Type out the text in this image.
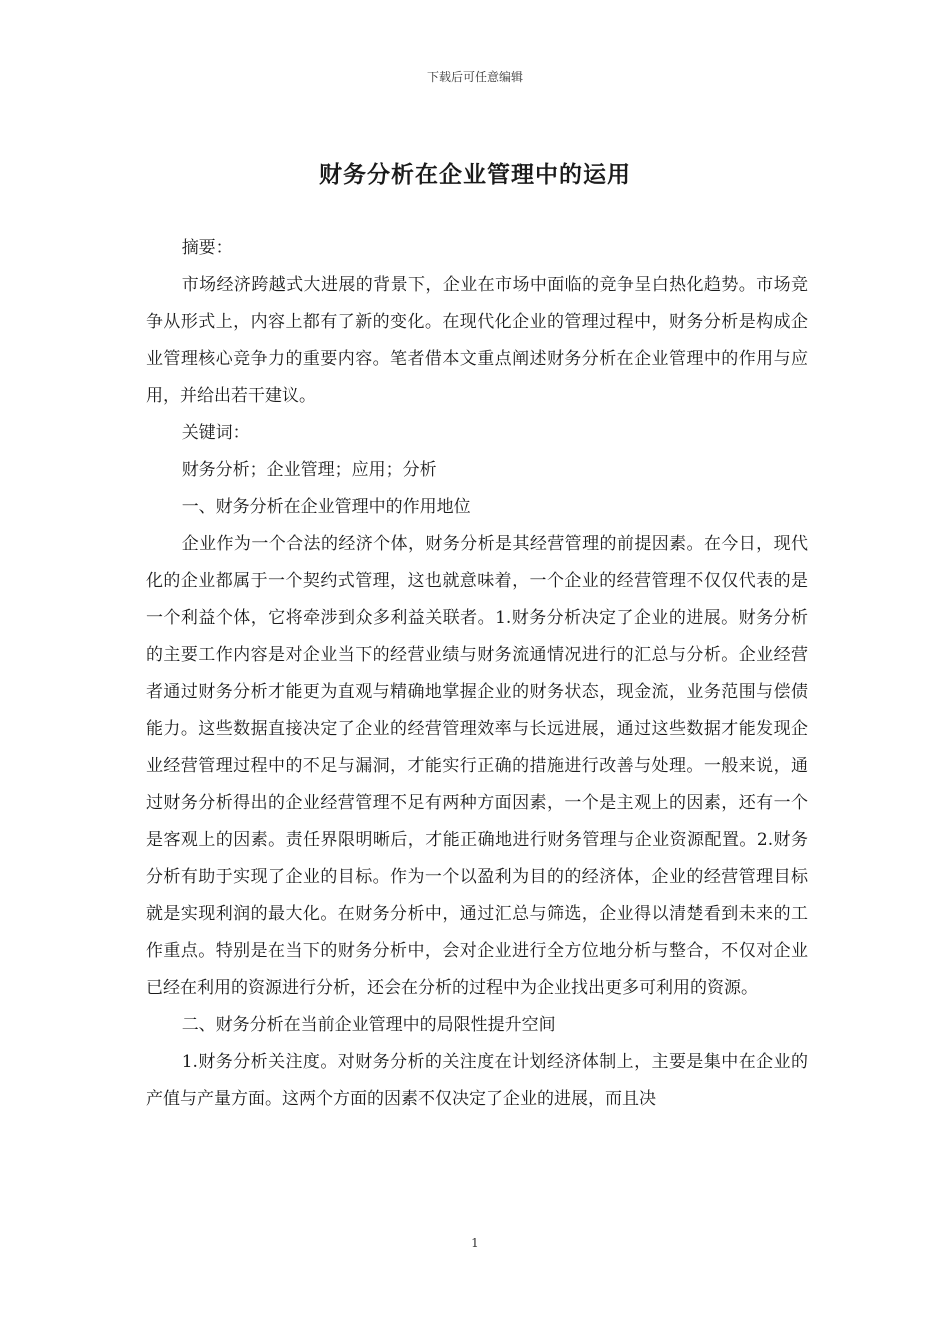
下载后可任意编辑
财务分析在企业管理中的运用

摘要：

市场经济跨越式大进展的背景下，企业在市场中面临的竞争呈白热化趋势。市场竞争从形式上，内容上都有了新的变化。在现代化企业的管理过程中，财务分析是构成企业管理核心竞争力的重要内容。笔者借本文重点阐述财务分析在企业管理中的作用与应用，并给出若干建议。

关键词：

财务分析；企业管理；应用；分析

一、财务分析在企业管理中的作用地位

企业作为一个合法的经济个体，财务分析是其经营管理的前提因素。在今日，现代化的企业都属于一个契约式管理，这也就意味着，一个企业的经营管理不仅仅代表的是一个利益个体，它将牵涉到众多利益关联者。1.财务分析决定了企业的进展。财务分析的主要工作内容是对企业当下的经营业绩与财务流通情况进行的汇总与分析。企业经营者通过财务分析才能更为直观与精确地掌握企业的财务状态，现金流，业务范围与偿债能力。这些数据直接决定了企业的经营管理效率与长远进展，通过这些数据才能发现企业经营管理过程中的不足与漏洞，才能实行正确的措施进行改善与处理。一般来说，通过财务分析得出的企业经营管理不足有两种方面因素，一个是主观上的因素，还有一个是客观上的因素。责任界限明晰后，才能正确地进行财务管理与企业资源配置。2.财务分析有助于实现了企业的目标。作为一个以盈利为目的的经济体，企业的经营管理目标就是实现利润的最大化。在财务分析中，通过汇总与筛选，企业得以清楚看到未来的工作重点。特别是在当下的财务分析中，会对企业进行全方位地分析与整合，不仅对企业已经在利用的资源进行分析，还会在分析的过程中为企业找出更多可利用的资源。

二、财务分析在当前企业管理中的局限性提升空间

1.财务分析关注度。对财务分析的关注度在计划经济体制上，主要是集中在企业的产值与产量方面。这两个方面的因素不仅决定了企业的进展，而且决

1
